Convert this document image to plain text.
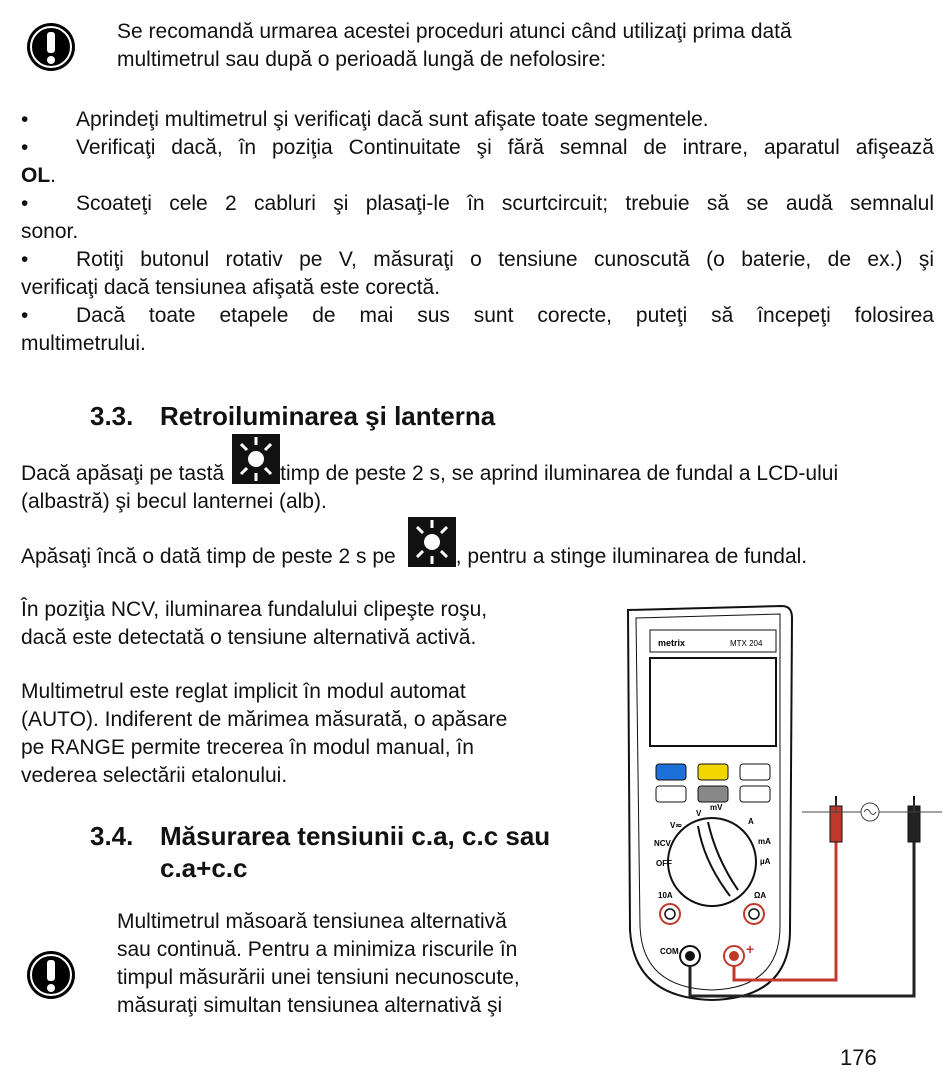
Se recomandă urmarea acestei proceduri atunci când utilizaţi prima dată
multimetrul sau după o perioadă lungă de nefolosire:
• Aprindeţi multimetrul şi verificaţi dacă sunt afişate toate segmentele.
• Verificaţi dacă, în poziţia Continuitate şi fără semnal de intrare, aparatul afişează
OL.
• Scoateţi cele 2 cabluri şi plasaţi-le în scurtcircuit; trebuie să se audă semnalul
sonor.
• Rotiţi butonul rotativ pe V, măsuraţi o tensiune cunoscută (o baterie, de ex.) şi
verificaţi dacă tensiunea afişată este corectă.
• Dacă toate etapele de mai sus sunt corecte, puteţi să începeţi folosirea
multimetrului.
3.3. Retroiluminarea şi lanterna
Dacă apăsaţi pe tastă	timp de peste 2 s, se aprind iluminarea de fundal a LCD-ului
(albastră) şi becul lanternei (alb).
Apăsaţi încă o dată timp de peste 2 s pe	, pentru a stinge iluminarea de fundal.
În poziţia NCV, iluminarea fundalului clipeşte roşu,
dacă este detectată o tensiune alternativă activă.
Multimetrul este reglat implicit în modul automat
(AUTO). Indiferent de mărimea măsurată, o apăsare
pe RANGE permite trecerea în modul manual, în
vederea selectării etalonului.
3.4. Măsurarea tensiunii c.a, c.c sau
c.a+c.c
Multimetrul măsoară tensiunea alternativă
sau continuă. Pentru a minimiza riscurile în
timpul măsurării unei tensiuni necunoscute,
măsuraţi simultan tensiunea alternativă şi
metrix	MTX 204
V
mV
V≂
NCV
OFF
10A
A
mA
µA
ΩA
COM	+
176
